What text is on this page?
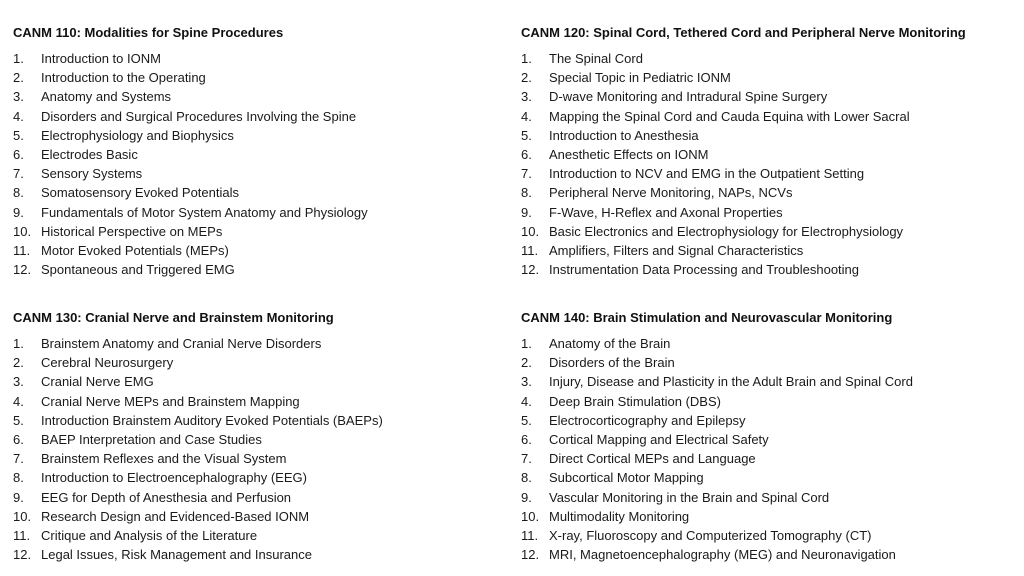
CANM 110: Modalities for Spine Procedures
1.	Introduction to IONM
2.	Introduction to the Operating
3.	Anatomy and Systems
4.	Disorders and Surgical Procedures Involving the Spine
5.	Electrophysiology and Biophysics
6.	Electrodes Basic
7.	Sensory Systems
8.	Somatosensory Evoked Potentials
9.	Fundamentals of Motor System Anatomy and Physiology
10. Historical Perspective on MEPs
11. Motor Evoked Potentials (MEPs)
12. Spontaneous and Triggered EMG
CANM 120: Spinal Cord, Tethered Cord and Peripheral Nerve Monitoring
1.	The Spinal Cord
2.	Special Topic in Pediatric IONM
3.	D-wave Monitoring and Intradural Spine Surgery
4.	Mapping the Spinal Cord and Cauda Equina with Lower Sacral
5.	Introduction to Anesthesia
6.	Anesthetic Effects on IONM
7.	Introduction to NCV and EMG in the Outpatient Setting
8.	Peripheral Nerve Monitoring, NAPs, NCVs
9.	F-Wave, H-Reflex and Axonal Properties
10. Basic Electronics and Electrophysiology for Electrophysiology
11. Amplifiers, Filters and Signal Characteristics
12. Instrumentation Data Processing and Troubleshooting
CANM 130: Cranial Nerve and Brainstem Monitoring
1.	Brainstem Anatomy and Cranial Nerve Disorders
2.	Cerebral Neurosurgery
3.	Cranial Nerve EMG
4.	Cranial Nerve MEPs and Brainstem Mapping
5.	Introduction Brainstem Auditory Evoked Potentials (BAEPs)
6.	BAEP Interpretation and Case Studies
7.	Brainstem Reflexes and the Visual System
8.	Introduction to Electroencephalography (EEG)
9.	EEG for Depth of Anesthesia and Perfusion
10. Research Design and Evidenced-Based IONM
11. Critique and Analysis of the Literature
12. Legal Issues, Risk Management and Insurance
CANM 140: Brain Stimulation and Neurovascular Monitoring
1.	Anatomy of the Brain
2.	Disorders of the Brain
3.	Injury, Disease and Plasticity in the Adult Brain and Spinal Cord
4.	Deep Brain Stimulation (DBS)
5.	Electrocorticography and Epilepsy
6.	Cortical Mapping and Electrical Safety
7.	Direct Cortical MEPs and Language
8.	Subcortical Motor Mapping
9.	Vascular Monitoring in the Brain and Spinal Cord
10. Multimodality Monitoring
11. X-ray, Fluoroscopy and Computerized Tomography (CT)
12. MRI, Magnetoencephalography (MEG) and Neuronavigation
